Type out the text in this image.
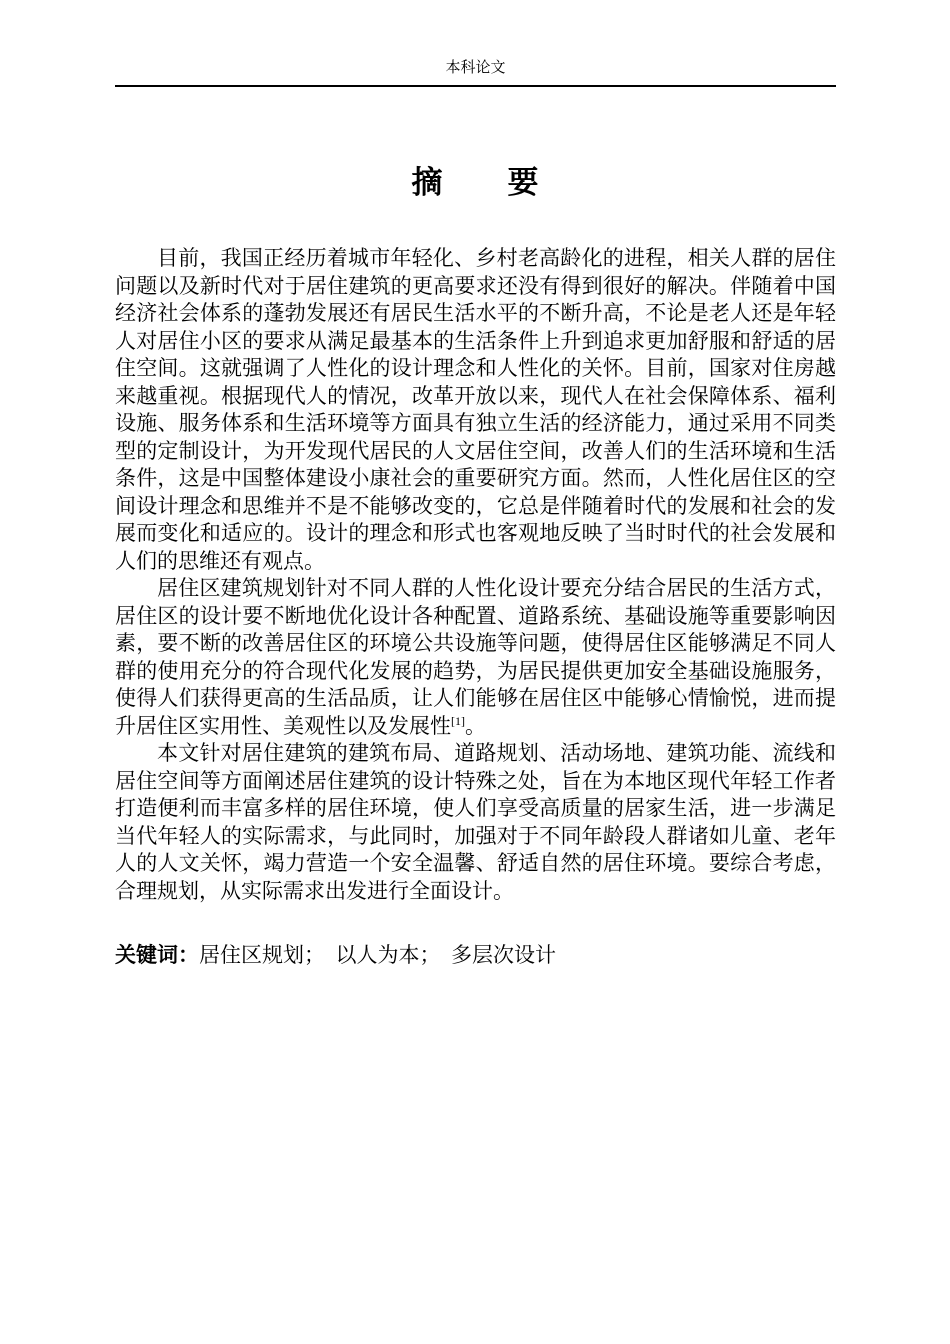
本科论文
摘　　要

目前，我国正经历着城市年轻化、乡村老高龄化的进程，相关人群的居住问题以及新时代对于居住建筑的更高要求还没有得到很好的解决。伴随着中国经济社会体系的蓬勃发展还有居民生活水平的不断升高，不论是老人还是年轻人对居住小区的要求从满足最基本的生活条件上升到追求更加舒服和舒适的居住空间。这就强调了人性化的设计理念和人性化的关怀。目前，国家对住房越来越重视。根据现代人的情况，改革开放以来，现代人在社会保障体系、福利设施、服务体系和生活环境等方面具有独立生活的经济能力，通过采用不同类型的定制设计，为开发现代居民的人文居住空间，改善人们的生活环境和生活条件，这是中国整体建设小康社会的重要研究方面。然而，人性化居住区的空间设计理念和思维并不是不能够改变的，它总是伴随着时代的发展和社会的发展而变化和适应的。设计的理念和形式也客观地反映了当时时代的社会发展和人们的思维还有观点。

居住区建筑规划针对不同人群的人性化设计要充分结合居民的生活方式，居住区的设计要不断地优化设计各种配置、道路系统、基础设施等重要影响因素，要不断的改善居住区的环境公共设施等问题，使得居住区能够满足不同人群的使用充分的符合现代化发展的趋势，为居民提供更加安全基础设施服务，使得人们获得更高的生活品质，让人们能够在居住区中能够心情愉悦，进而提升居住区实用性、美观性以及发展性[1]。

本文针对居住建筑的建筑布局、道路规划、活动场地、建筑功能、流线和居住空间等方面阐述居住建筑的设计特殊之处，旨在为本地区现代年轻工作者打造便利而丰富多样的居住环境，使人们享受高质量的居家生活，进一步满足当代年轻人的实际需求，与此同时，加强对于不同年龄段人群诸如儿童、老年人的人文关怀，竭力营造一个安全温馨、舒适自然的居住环境。要综合考虑，合理规划，从实际需求出发进行全面设计。

关键词：居住区规划；　以人为本；　多层次设计
